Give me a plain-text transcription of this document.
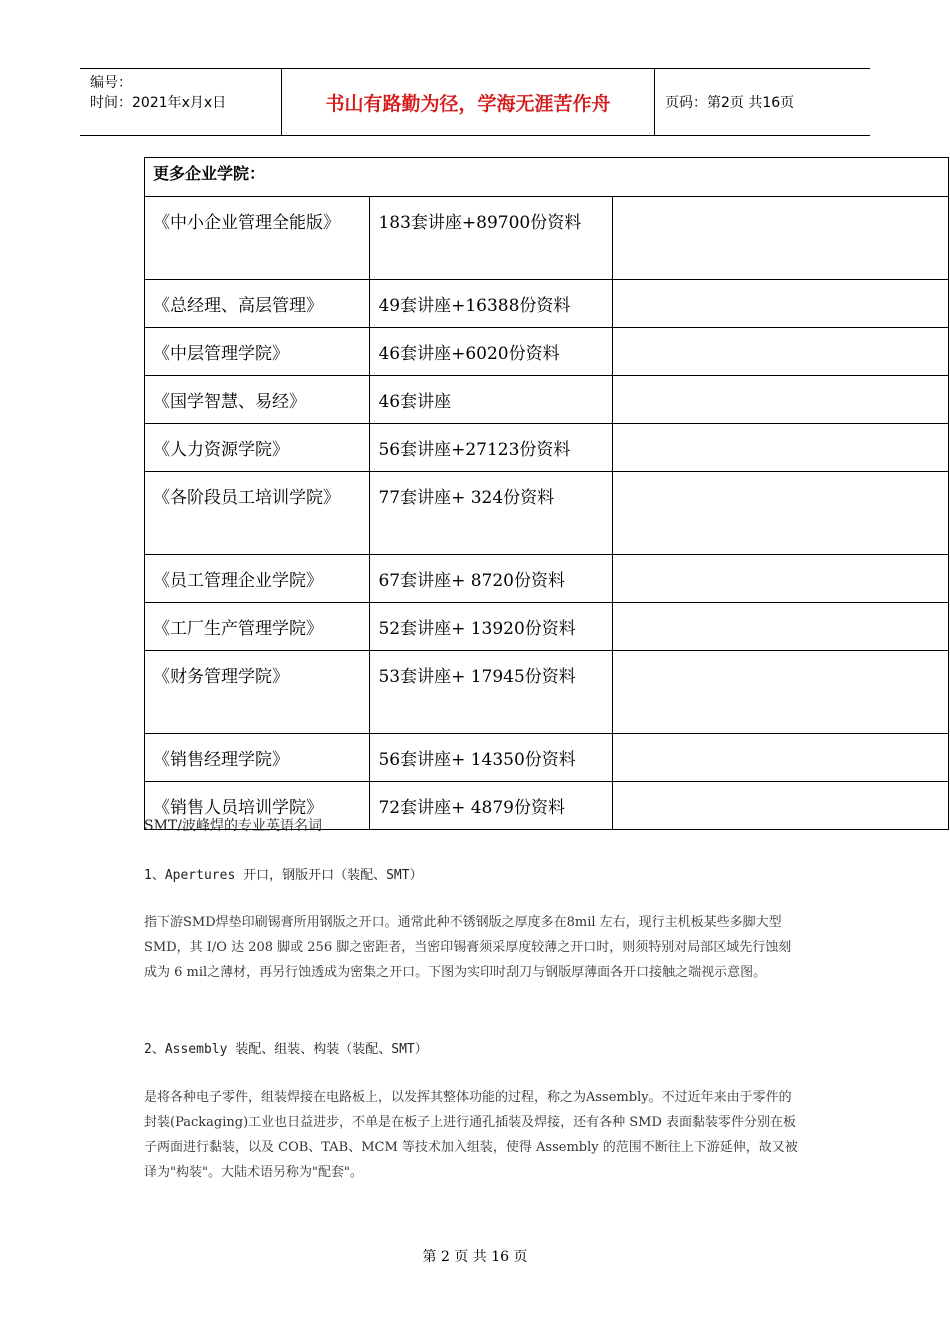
编号：
时间：2021年x月x日	书山有路勤为径，学海无涯苦作舟	页码：第2页 共16页
更多企业学院：		
《中小企业管理全能版》	183套讲座+89700份资料	
《总经理、高层管理》	49套讲座+16388份资料	
《中层管理学院》	46套讲座+6020份资料	
《国学智慧、易经》	46套讲座	
《人力资源学院》	56套讲座+27123份资料	
《各阶段员工培训学院》	77套讲座+ 324份资料	
《员工管理企业学院》	67套讲座+ 8720份资料	
《工厂生产管理学院》	52套讲座+ 13920份资料	
《财务管理学院》	53套讲座+ 17945份资料	
《销售经理学院》	56套讲座+ 14350份资料	
《销售人员培训学院》	72套讲座+ 4879份资料	
SMT/波峰焊的专业英语名词
1、Apertures 开口，钢版开口（装配、SMT）
指下游SMD焊垫印刷锡膏所用钢版之开口。通常此种不锈钢版之厚度多在8mil 左右，现行主机板某些多脚大型SMD，其 I/O 达 208 脚或 256 脚之密距者，当密印锡膏须采厚度较薄之开口时，则须特别对局部区域先行蚀刻成为 6 mil之薄材，再另行蚀透成为密集之开口。下图为实印时刮刀与钢版厚薄面各开口接触之端视示意图。
2、Assembly 装配、组装、构装（装配、SMT）
是将各种电子零件，组装焊接在电路板上，以发挥其整体功能的过程，称之为Assembly。不过近年来由于零件的封装(Packaging)工业也日益进步，不单是在板子上进行通孔插装及焊接，还有各种 SMD 表面黏装零件分别在板子两面进行黏装，以及 COB、TAB、MCM 等技术加入组装，使得 Assembly 的范围不断往上下游延伸，故又被译为"构装"。大陆术语另称为"配套"。
第 2 页 共 16 页
